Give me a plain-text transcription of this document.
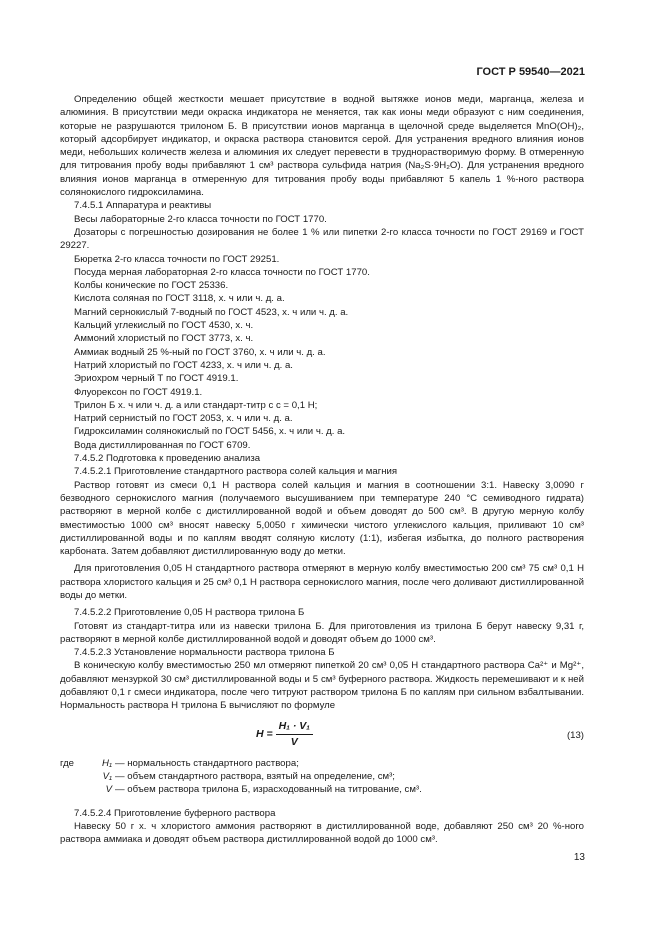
ГОСТ Р 59540—2021

Определению общей жесткости мешает присутствие в водной вытяжке ионов меди, марганца, железа и алюминия. В присутствии меди окраска индикатора не меняется, так как ионы меди образуют с ним соединения, которые не разрушаются трилоном Б. В присутствии ионов марганца в щелочной среде выделяется MnO(OH)₂, который адсорбирует индикатор, и окраска раствора становится серой. Для устранения вредного влияния ионов меди, небольших количеств железа и алюминия их следует перевести в труднорастворимую форму. В отмеренную для титрования пробу воды прибавляют 1 см³ раствора сульфида натрия (Na₂S·9H₂O). Для устранения вредного влияния ионов марганца в отмеренную для титрования пробу воды прибавляют 5 капель 1 %-ного раствора солянокислого гидроксиламина.

7.4.5.1 Аппаратура и реактивы

Весы лабораторные 2-го класса точности по ГОСТ 1770.

Дозаторы с погрешностью дозирования не более 1 % или пипетки 2-го класса точности по ГОСТ 29169 и ГОСТ 29227.

Бюретка 2-го класса точности по ГОСТ 29251.

Посуда мерная лабораторная 2-го класса точности по ГОСТ 1770.

Колбы конические по ГОСТ 25336.

Кислота соляная по ГОСТ 3118, х. ч или ч. д. а.

Магний сернокислый 7-водный по ГОСТ 4523, х. ч или ч. д. а.

Кальций углекислый по ГОСТ 4530, х. ч.

Аммоний хлористый по ГОСТ 3773, х. ч.

Аммиак водный 25 %-ный по ГОСТ 3760, х. ч или ч. д. а.

Натрий хлористый по ГОСТ 4233, х. ч или ч. д. а.

Эриохром черный Т по ГОСТ 4919.1.

Флуорексон по ГОСТ 4919.1.

Трилон Б х. ч или ч. д. а или стандарт-титр с c = 0,1 Н;

Натрий сернистый по ГОСТ 2053, х. ч или ч. д. а.

Гидроксиламин солянокислый по ГОСТ 5456, х. ч или ч. д. а.

Вода дистиллированная по ГОСТ 6709.

7.4.5.2 Подготовка к проведению анализа

7.4.5.2.1 Приготовление стандартного раствора солей кальция и магния

Раствор готовят из смеси 0,1 Н раствора солей кальция и магния в соотношении 3:1. Навеску 3,0090 г безводного сернокислого магния (получаемого высушиванием при температуре 240 °С семиводного гидрата) растворяют в мерной колбе с дистиллированной водой и объем доводят до 500 см³. В другую мерную колбу вместимостью 1000 см³ вносят навеску 5,0050 г химически чистого углекислого кальция, приливают 10 см³ дистиллированной воды и по каплям вводят соляную кислоту (1:1), избегая избытка, до полного растворения карбоната. Затем добавляют дистиллированную воду до метки.

Для приготовления 0,05 Н стандартного раствора отмеряют в мерную колбу вместимостью 200 см³ 75 см³ 0,1 Н раствора хлористого кальция и 25 см³ 0,1 Н раствора сернокислого магния, после чего доливают дистиллированной воды до метки.

7.4.5.2.2 Приготовление 0,05 Н раствора трилона Б

Готовят из стандарт-титра или из навески трилона Б. Для приготовления из трилона Б берут навеску 9,31 г, растворяют в мерной колбе дистиллированной водой и доводят объем до 1000 см³.

7.4.5.2.3 Установление нормальности раствора трилона Б

В коническую колбу вместимостью 250 мл отмеряют пипеткой 20 см³ 0,05 Н стандартного раствора Ca²⁺ и Mg²⁺, добавляют мензуркой 30 см³ дистиллированной воды и 5 см³ буферного раствора. Жидкость перемешивают и к ней добавляют 0,1 г смеси индикатора, после чего титруют раствором трилона Б по каплям при сильном взбалтывании. Нормальность раствора H трилона Б вычисляют по формуле

$H = \frac{\text{H₁ · V₁}}{V}$	(13)
где	H₁ — нормальность стандартного раствора;
V₁ — объем стандартного раствора, взятый на определение, см³;
V — объем раствора трилона Б, израсходованный на титрование, см³.

7.4.5.2.4 Приготовление буферного раствора

Навеску 50 г х. ч хлористого аммония растворяют в дистиллированной воде, добавляют 250 см³ 20 %-ного раствора аммиака и доводят объем раствора дистиллированной водой до 1000 см³.

13
